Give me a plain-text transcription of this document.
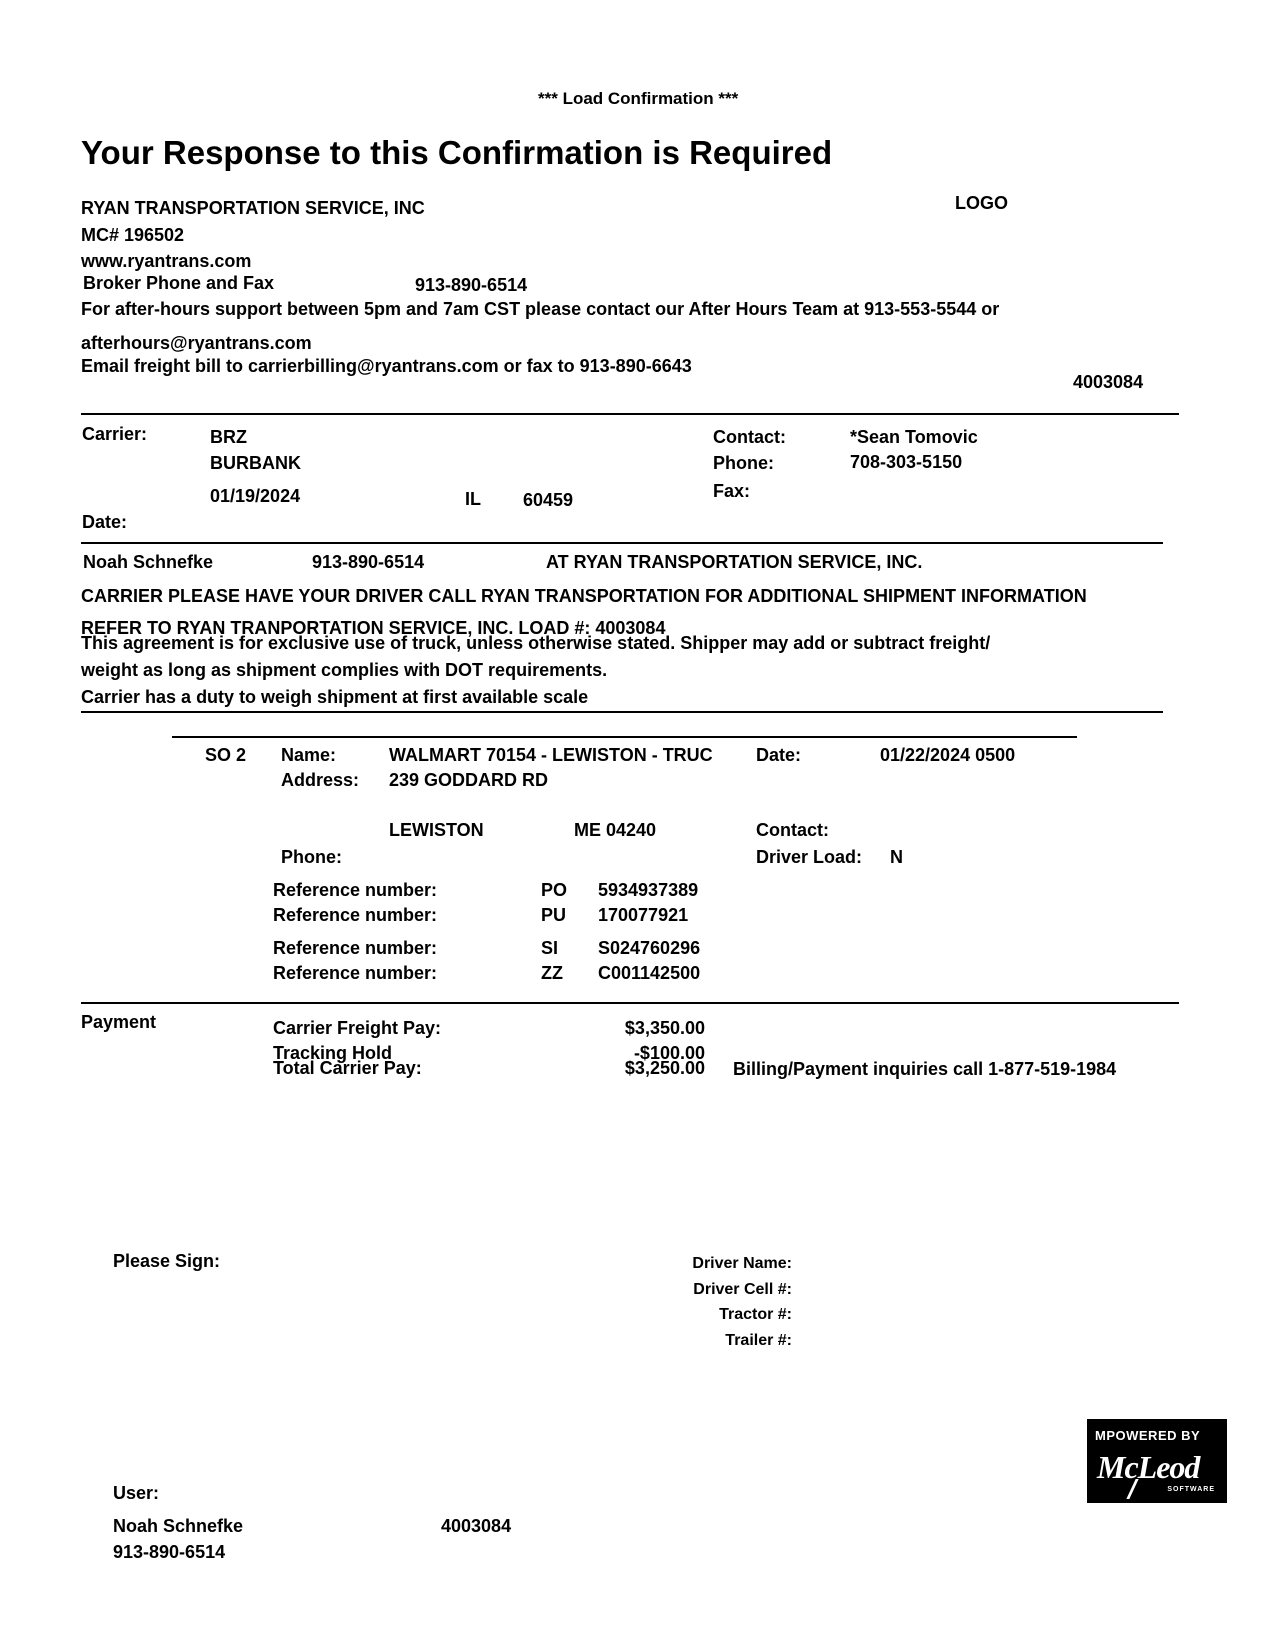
*** Load Confirmation ***
Your Response to this Confirmation is Required
RYAN TRANSPORTATION SERVICE, INC	LOGO
MC# 196502
www.ryantrans.com
Broker Phone and Fax	913-890-6514
For after-hours support between 5pm and 7am CST please contact our After Hours Team at 913-553-5544 or
afterhours@ryantrans.com
Email freight bill to carrierbilling@ryantrans.com or fax to 913-890-6643
4003084
Carrier:	BRZ
BURBANK
01/19/2024	IL 60459
Date:
Contact:	*Sean Tomovic
Phone:	708-303-5150
Fax:
Noah Schnefke	913-890-6514	AT RYAN TRANSPORTATION SERVICE, INC.
CARRIER PLEASE HAVE YOUR DRIVER CALL RYAN TRANSPORTATION FOR ADDITIONAL SHIPMENT INFORMATION
REFER TO RYAN TRANPORTATION SERVICE, INC. LOAD #: 4003084
This agreement is for exclusive use of truck, unless otherwise stated. Shipper may add or subtract freight/
weight as long as shipment complies with DOT requirements.
Carrier has a duty to weigh shipment at first available scale
SO 2 Name:	WALMART 70154 - LEWISTON - TRUC Date:	01/22/2024 0500
Address: 239 GODDARD RD
LEWISTON	ME 04240	Contact:
Phone:	Driver Load: N
Reference number:	PO 5934937389
Reference number:	PU 170077921
Reference number:	SI S024760296
Reference number:	ZZ C001142500
Payment	Carrier Freight Pay:	$3,350.00
Tracking Hold	-$100.00
Total Carrier Pay:	$3,250.00 Billing/Payment inquiries call 1-877-519-1984
Please Sign:	Driver Name:
Driver Cell #:
Tractor #:
Trailer #:
MPOWERED BY
McLeod
SOFTWARE
User:
Noah Schnefke	4003084
913-890-6514
